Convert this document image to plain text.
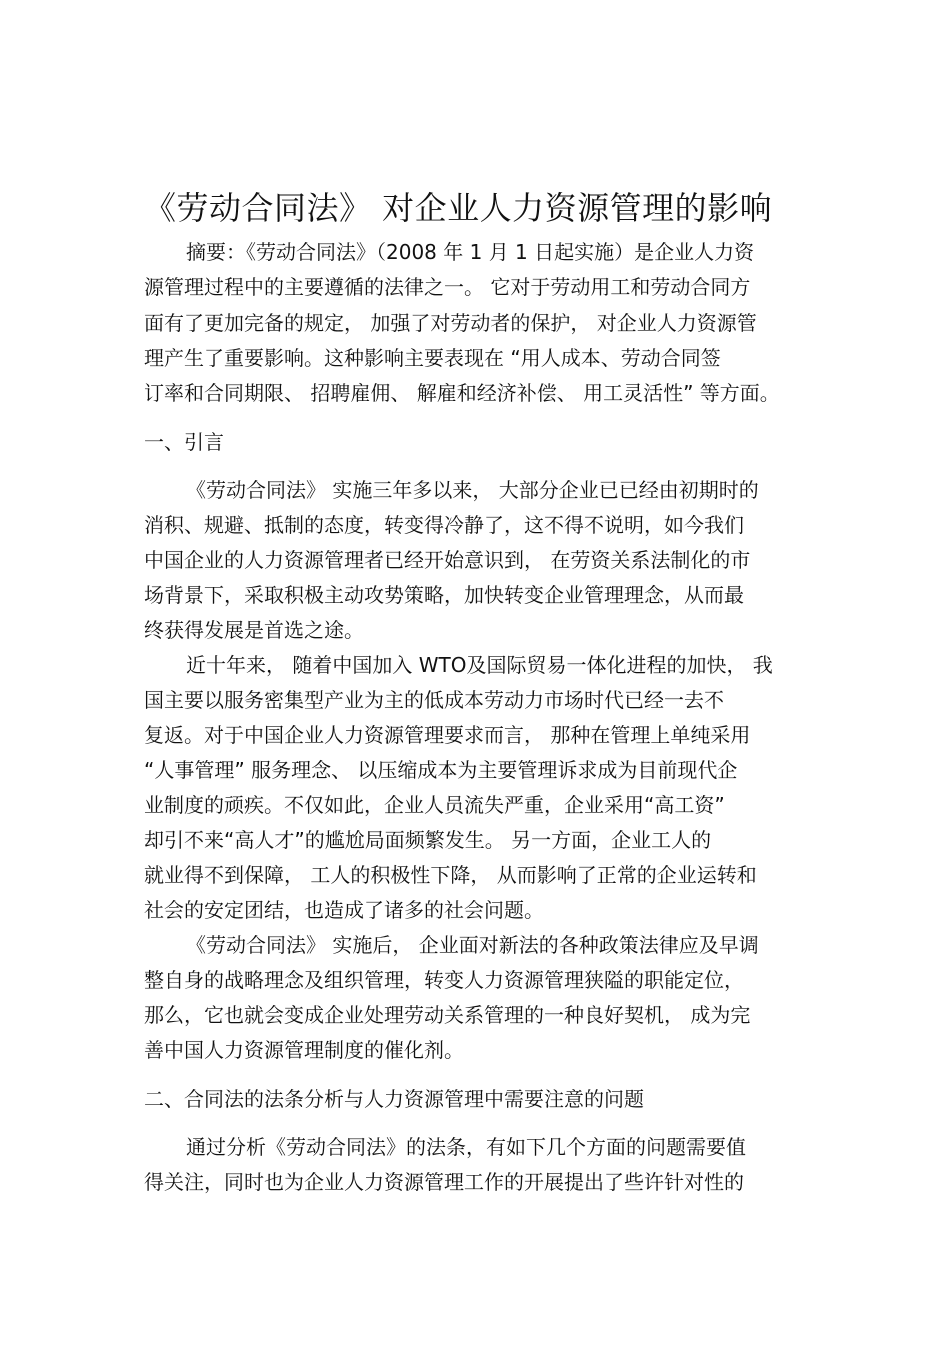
《劳动合同法》 对企业人力资源管理的影响
摘要：《劳动合同法》（2008 年 1 月 1 日起实施）是企业人力资
源管理过程中的主要遵循的法律之一。 它对于劳动用工和劳动合同方
面有了更加完备的规定， 加强了对劳动者的保护， 对企业人力资源管
理产生了重要影响。这种影响主要表现在 “用人成本、劳动合同签
订率和合同期限、 招聘雇佣、 解雇和经济补偿、 用工灵活性” 等方面。
一、引言
《劳动合同法》 实施三年多以来， 大部分企业已已经由初期时的
消积、规避、抵制的态度，转变得冷静了，这不得不说明，如今我们
中国企业的人力资源管理者已经开始意识到， 在劳资关系法制化的市
场背景下，采取积极主动攻势策略，加快转变企业管理理念，从而最
终获得发展是首选之途。
近十年来， 随着中国加入 WTO及国际贸易一体化进程的加快， 我
国主要以服务密集型产业为主的低成本劳动力市场时代已经一去不
复返。对于中国企业人力资源管理要求而言， 那种在管理上单纯采用
“人事管理” 服务理念、 以压缩成本为主要管理诉求成为目前现代企
业制度的顽疾。不仅如此，企业人员流失严重，企业采用“高工资”
却引不来“高人才”的尴尬局面频繁发生。 另一方面，企业工人的
就业得不到保障， 工人的积极性下降， 从而影响了正常的企业运转和
社会的安定团结，也造成了诸多的社会问题。
《劳动合同法》 实施后， 企业面对新法的各种政策法律应及早调
整自身的战略理念及组织管理，转变人力资源管理狭隘的职能定位，
那么，它也就会变成企业处理劳动关系管理的一种良好契机， 成为完
善中国人力资源管理制度的催化剂。
二、合同法的法条分析与人力资源管理中需要注意的问题
通过分析《劳动合同法》的法条，有如下几个方面的问题需要值
得关注，同时也为企业人力资源管理工作的开展提出了些许针对性的
